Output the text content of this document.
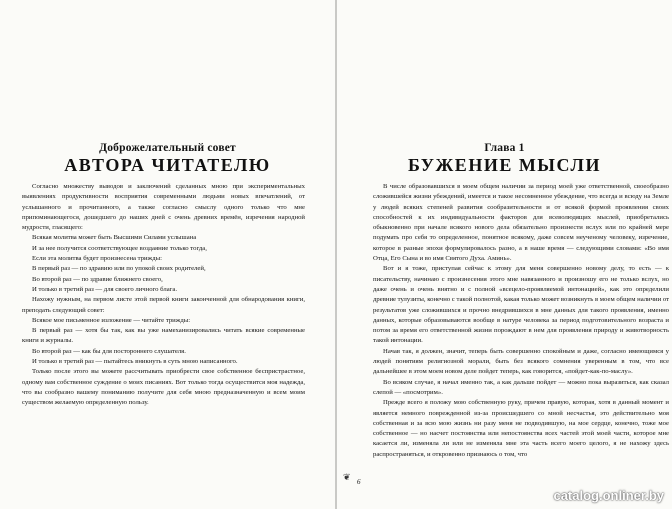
Доброжелательный совет
АВТОРА ЧИТАТЕЛЮ

Согласно множеству выводов и заключений сделанных мною при экспериментальных выявлениях продуктивности восприятия современными людьми новых впечатлений, от услышанного и прочитанного, а также согласно смыслу одного только что мне припоминающегося, дошедшего до наших дней с очень древних времён, изречения народной мудрости, гласящего:

Всякая молитва может быть Высшими Силами услышана

И за нее получится соответствующее воздаяние только тогда,

Если эта молитва будет произнесена трижды:

В первый раз — по здравию или по упокой своих родителей,

Во второй раз — по здравие ближнего своего,

И только в третий раз — для своего личного блага.

Нахожу нужным, на первом листе этой первой книги законченной для обнародования книги, преподать следующий совет:

Всякое мое письменное изложение — читайте трижды:

В первый раз — хотя бы так, как вы уже намеханизировались читать всякие современные книги и журналы.

Во второй раз — как бы для постороннего слушателя.

И только в третий раз — пытайтесь вникнуть в суть мною написанного.

Только после этого вы можете рассчитывать приобрести свое собственное беспристрастное, одному вам собственное суждение о моих писаниях. Вот только тогда осуществится моя надежда, что вы сообразно вашему пониманию получите для себя мною предназначенную и всем моим существом желаемую определенную пользу.

Глава 1
БУЖЕНИЕ МЫСЛИ

В числе образовавшихся в моем общем наличии за период моей уже ответственной, своеобразно сложившейся жизни убеждений, имеется и такое несомненное убеждение, что всегда и всюду на Земле у людей всяких степеней развития сообразительности и от всякой формой проявления своих способностей к их индивидуальности факторов для всеволюдящих мыслей, приобретались обыкновенно при начале всякого нового дела обязательно произнести вслух или по крайней мере подумать про себя то определенное, понятное всякому, даже совсем неученому человеку, изречение, которое в разные эпохи формулировалось разно, а в наше время — следующими словами: «Во имя Отца, Его Сына и во имя Святого Духа. Аминь».

Вот и я тоже, приступая сейчас к этому для меня совершенно новому делу, то есть — к писательству, начинаю с произнесения этого мне навязанного и произношу его не только вслух, но даже очень и очень внятно и с полной «всецело-проявляемой интонацией», как это определили древние тулузиты, конечно с такой полнотой, какая только может возникнуть в моем общем наличии от результатов уже сложившихся и прочно внедрившихся в мне данных для такого проявления, именно данных, которые образовываются вообще в натуре человека за период подготовительного возраста и потом за время его ответственной жизни порождают в нем для проявления природу и животворность такой интонации.

Начав так, я должен, значит, теперь быть совершенно спокойным и даже, согласно имеющимся у людей понятиям религиозной морали, быть без всякого сомнения уверенным в том, что все дальнейшее в этом моем новом деле пойдет теперь, как говорится, «пойдет-как-по-маслу».

Во всяком случае, я начал именно так, а как дальше пойдет — можно пока выразиться, как сказал слепой — «посмотрим».

Прежде всего я положу мою собственную руку, причем правую, которая, хотя в данный момент и является немного поврежденной из-за происшедшего со мной несчастья, это действительно моя собственная и за всю мою жизнь ни разу меня не подводившую, на мое сердце, конечно, тоже мое собственное — но насчет постоянства или непостоянства всех частей этой моей части, которое мне касается ли, изменяла ли или не изменяла мне эта часть всего моего целого, я не нахожу здесь распространяться, и откровенно признаюсь о том, что

❦ 6
catalog.onliner.by
